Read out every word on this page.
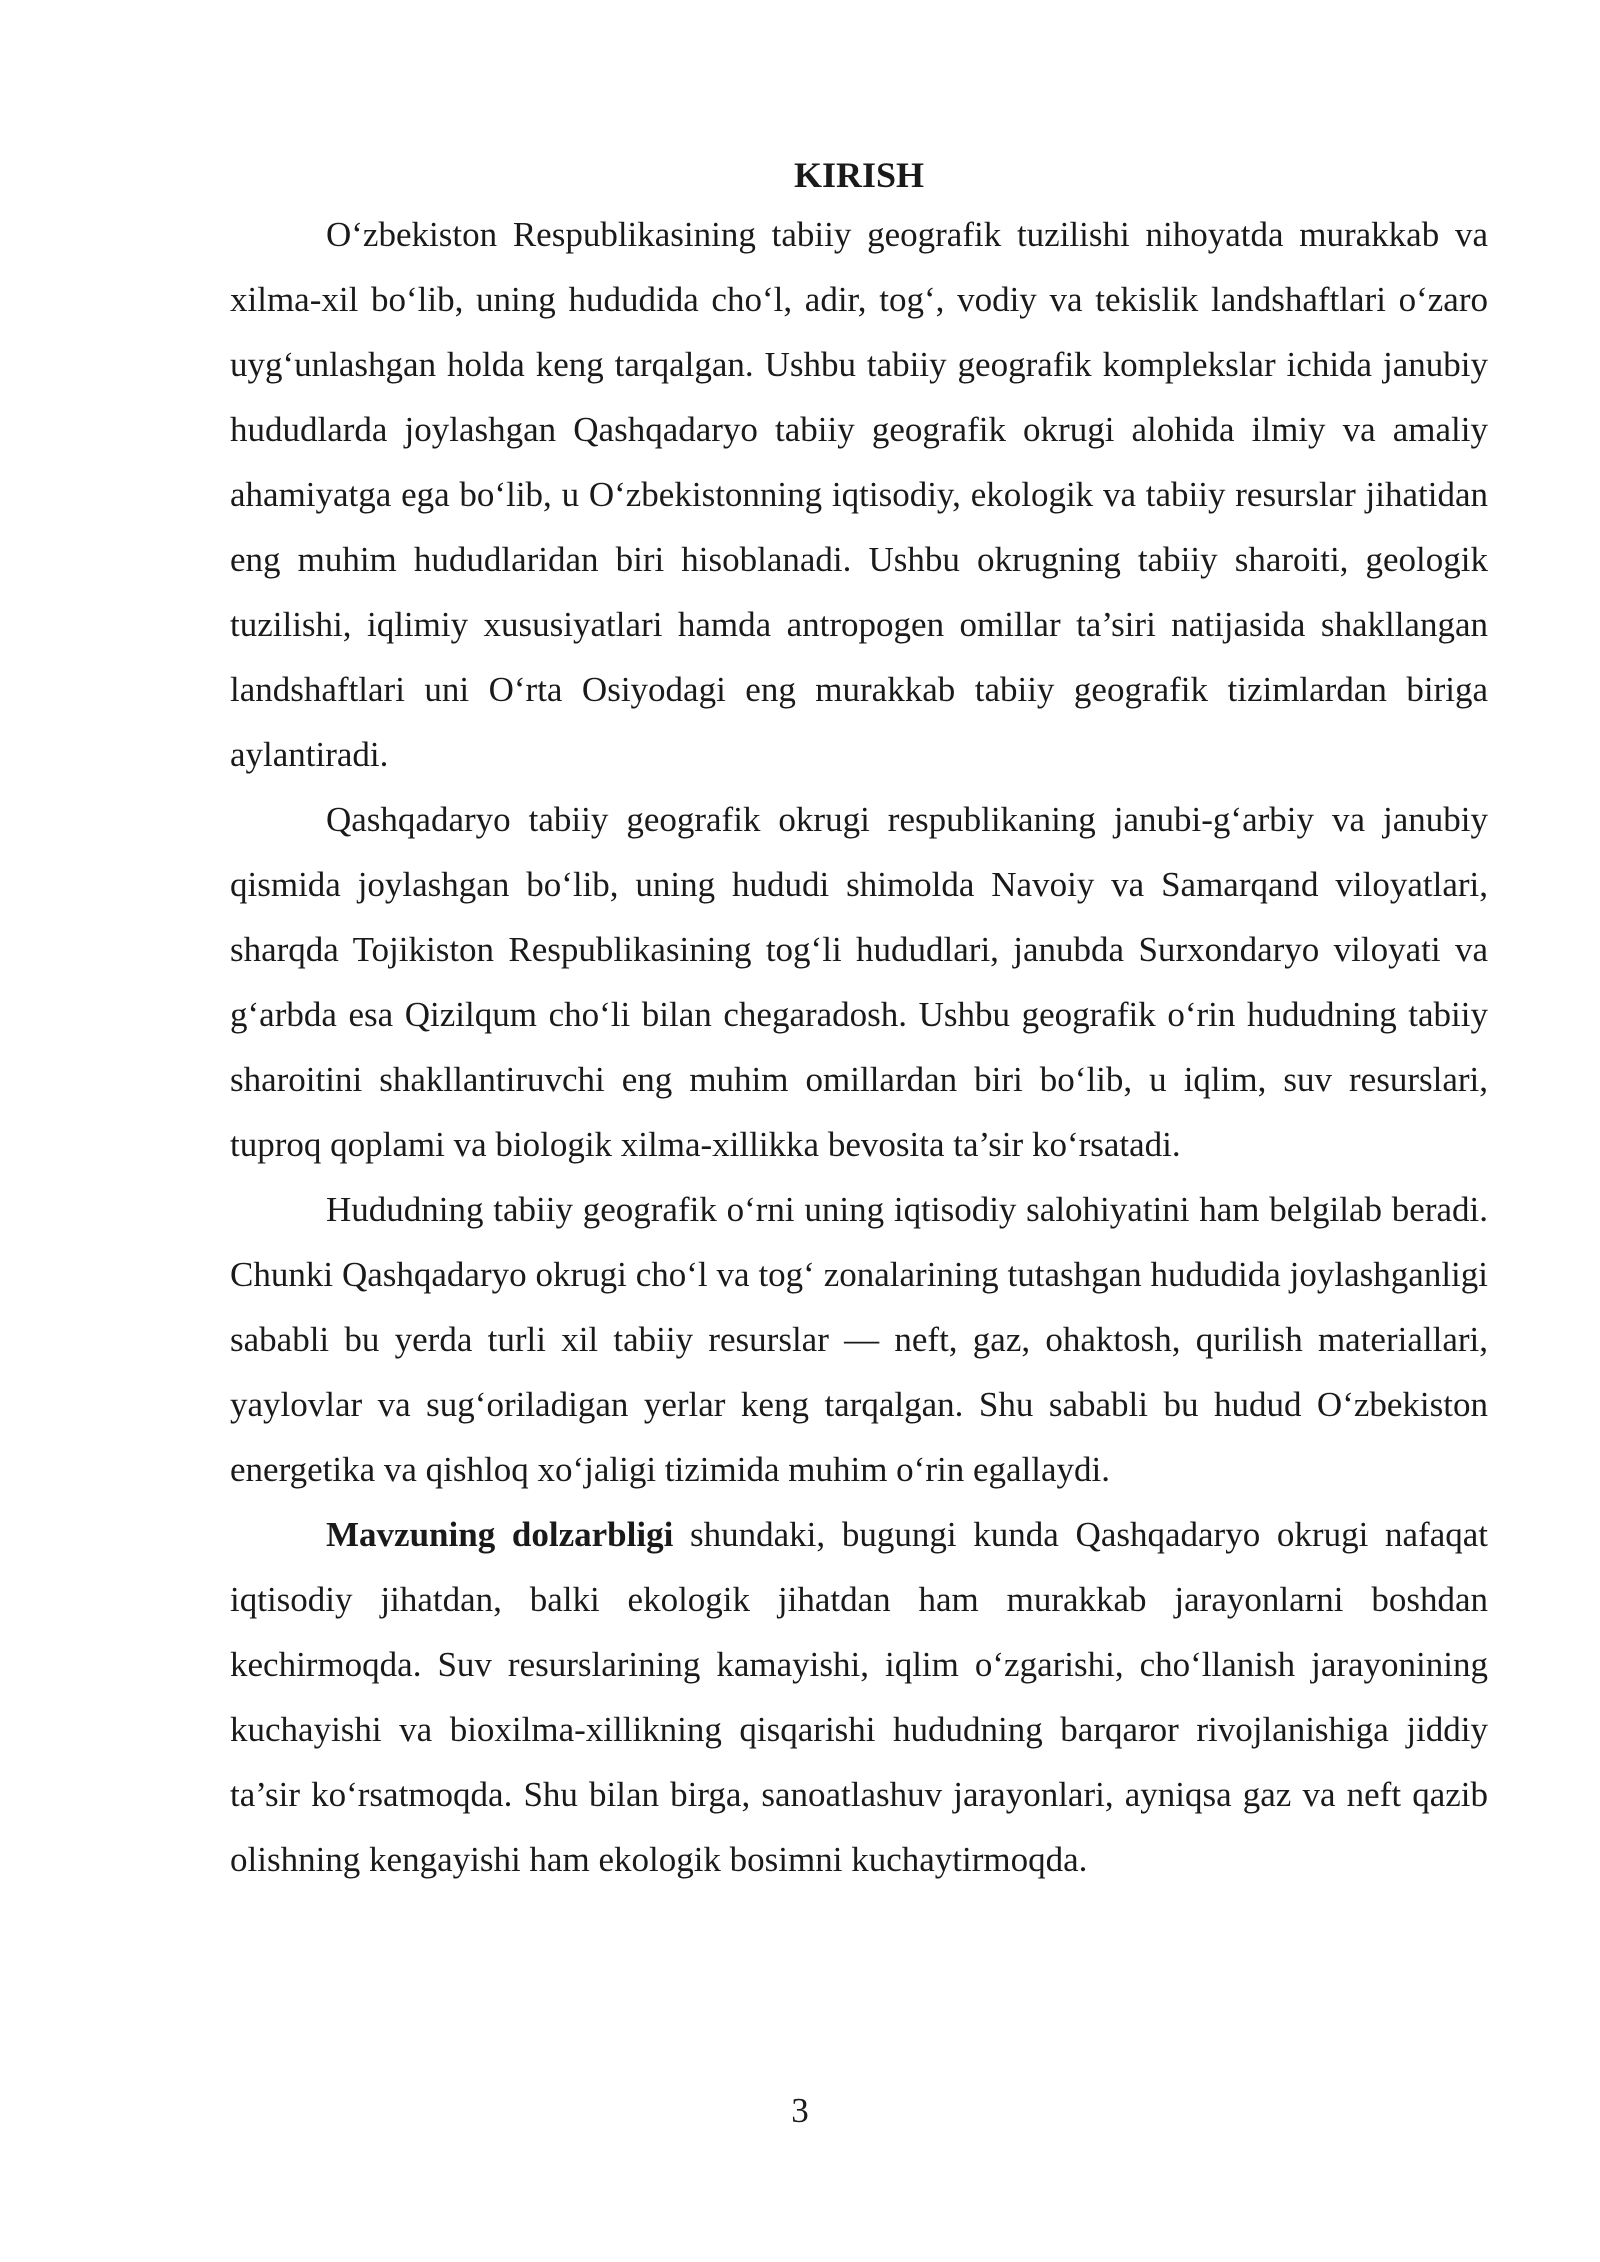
KIRISH

O‘zbekiston Respublikasining tabiiy geografik tuzilishi nihoyatda murakkab va xilma-xil bo‘lib, uning hududida cho‘l, adir, tog‘, vodiy va tekislik landshaftlari o‘zaro uyg‘unlashgan holda keng tarqalgan. Ushbu tabiiy geografik komplekslar ichida janubiy hududlarda joylashgan Qashqadaryo tabiiy geografik okrugi alohida ilmiy va amaliy ahamiyatga ega bo‘lib, u O‘zbekistonning iqtisodiy, ekologik va tabiiy resurslar jihatidan eng muhim hududlaridan biri hisoblanadi. Ushbu okrugning tabiiy sharoiti, geologik tuzilishi, iqlimiy xususiyatlari hamda antropogen omillar ta’siri natijasida shakllangan landshaftlari uni O‘rta Osiyodagi eng murakkab tabiiy geografik tizimlardan biriga aylantiradi.

Qashqadaryo tabiiy geografik okrugi respublikaning janubi-g‘arbiy va janubiy qismida joylashgan bo‘lib, uning hududi shimolda Navoiy va Samarqand viloyatlari, sharqda Tojikiston Respublikasining tog‘li hududlari, janubda Surxondaryo viloyati va g‘arbda esa Qizilqum cho‘li bilan chegaradosh. Ushbu geografik o‘rin hududning tabiiy sharoitini shakllantiruvchi eng muhim omillardan biri bo‘lib, u iqlim, suv resurslari, tuproq qoplami va biologik xilma-xillikka bevosita ta’sir ko‘rsatadi.

Hududning tabiiy geografik o‘rni uning iqtisodiy salohiyatini ham belgilab beradi. Chunki Qashqadaryo okrugi cho‘l va tog‘ zonalarining tutashgan hududida joylashganligi sababli bu yerda turli xil tabiiy resurslar — neft, gaz, ohaktosh, qurilish materiallari, yaylovlar va sug‘oriladigan yerlar keng tarqalgan. Shu sababli bu hudud O‘zbekiston energetika va qishloq xo‘jaligi tizimida muhim o‘rin egallaydi.

Mavzuning dolzarbligi shundaki, bugungi kunda Qashqadaryo okrugi nafaqat iqtisodiy jihatdan, balki ekologik jihatdan ham murakkab jarayonlarni boshdan kechirmoqda. Suv resurslarining kamayishi, iqlim o‘zgarishi, cho‘llanish jarayonining kuchayishi va bioxilma-xillikning qisqarishi hududning barqaror rivojlanishiga jiddiy ta’sir ko‘rsatmoqda. Shu bilan birga, sanoatlashuv jarayonlari, ayniqsa gaz va neft qazib olishning kengayishi ham ekologik bosimni kuchaytirmoqda.

3
